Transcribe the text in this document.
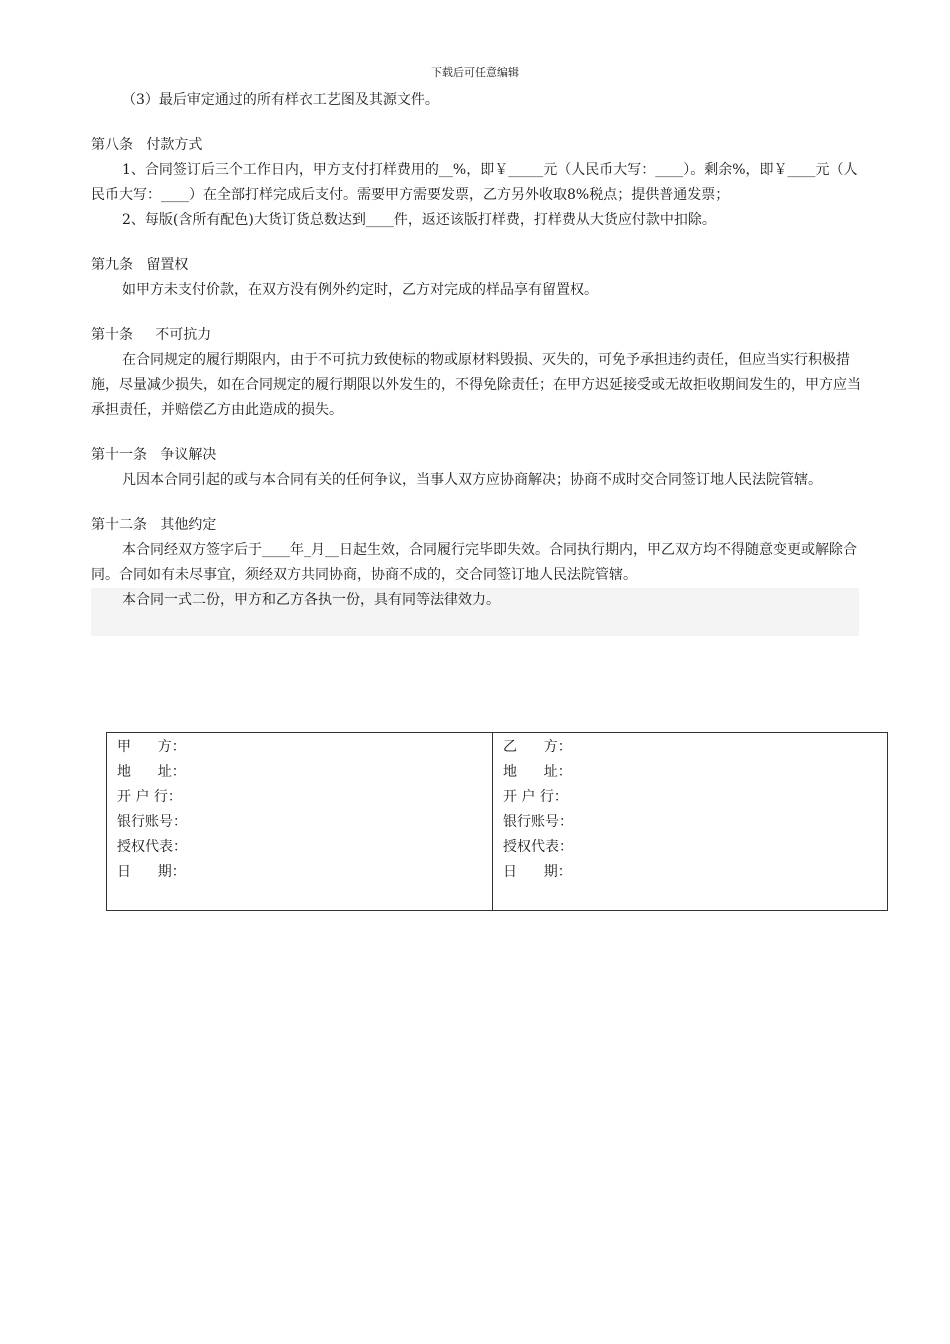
下载后可任意编辑

（3）最后审定通过的所有样衣工艺图及其源文件。

第八条   付款方式

1、合同签订后三个工作日内，甲方支付打样费用的__%，即￥_____元（人民币大写：____）。剩余%，即￥____元（人民币大写：____）在全部打样完成后支付。需要甲方需要发票，乙方另外收取8%税点；提供普通发票；

2、每版(含所有配色)大货订货总数达到____件，返还该版打样费，打样费从大货应付款中扣除。

第九条   留置权

如甲方未支付价款，在双方没有例外约定时，乙方对完成的样品享有留置权。

第十条     不可抗力

在合同规定的履行期限内，由于不可抗力致使标的物或原材料毁损、灭失的，可免予承担违约责任，但应当实行积极措施，尽量减少损失，如在合同规定的履行期限以外发生的，不得免除责任；在甲方迟延接受或无故拒收期间发生的，甲方应当承担责任，并赔偿乙方由此造成的损失。

第十一条   争议解决

凡因本合同引起的或与本合同有关的任何争议，当事人双方应协商解决；协商不成时交合同签订地人民法院管辖。

第十二条   其他约定

本合同经双方签字后于____年_月__日起生效，合同履行完毕即失效。合同执行期内，甲乙双方均不得随意变更或解除合同。合同如有未尽事宜，须经双方共同协商，协商不成的，交合同签订地人民法院管辖。

本合同一式二份，甲方和乙方各执一份，具有同等法律效力。

甲      方：
地      址：
开 户 行：
银行账号：
授权代表：
日      期：
乙      方：
地      址：
开 户 行：
银行账号：
授权代表：
日      期：
